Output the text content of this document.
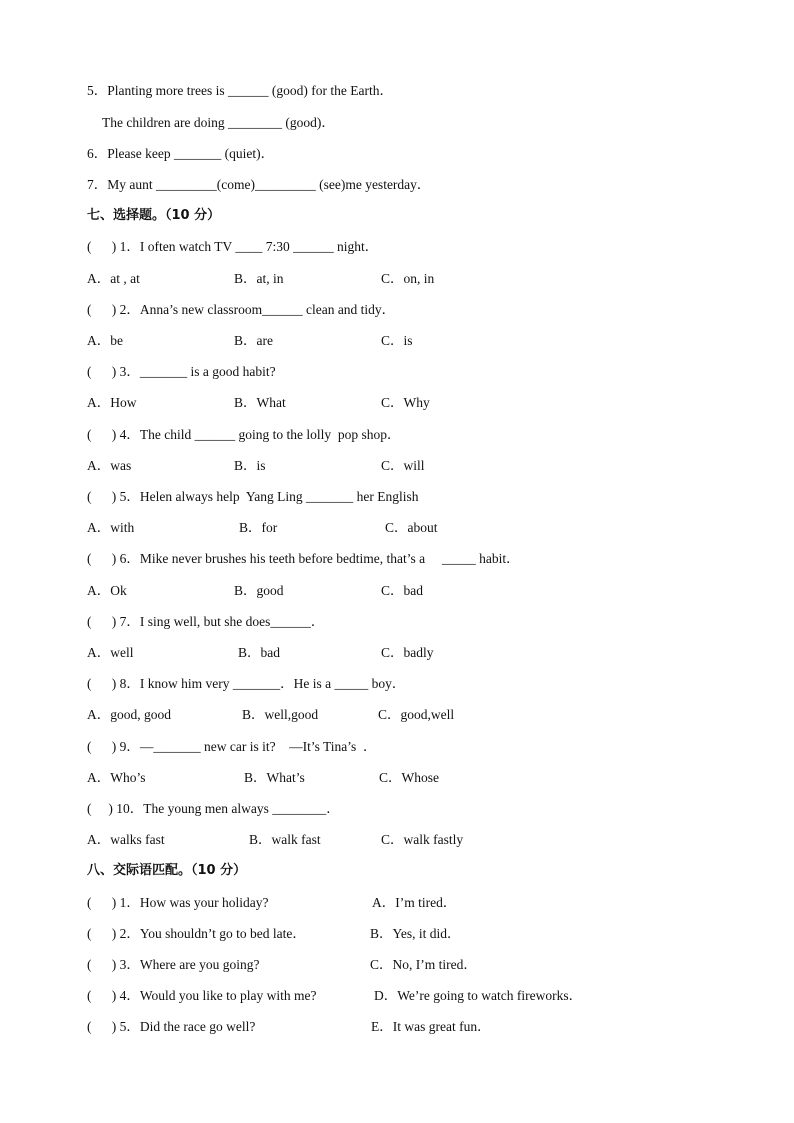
5．Planting more trees is ______ (good) for the Earth．
The children are doing ________ (good)．
6．Please keep _______ (quiet)．
7．My aunt _________(come)_________ (see)me yesterday．
七、选择题。（10 分）
(      ) 1．I often watch TV ____ 7:30 ______ night．
A．at , at	B．at, in	C．on, in
(      ) 2．Anna’s new classroom______ clean and tidy．
A．be	B．are	C．is
(      ) 3．_______ is a good habit?
A．How	B．What	C．Why
(      ) 4．The child ______ going to the lolly  pop shop．
A．was	B．is	C．will
(      ) 5．Helen always help  Yang Ling _______ her English
A．with	B．for	C．about
(      ) 6．Mike never brushes his teeth before bedtime, that’s a     _____ habit．
A．Ok	B．good	C．bad
(      ) 7．I sing well, but she does______．
A．well	B．bad	C．badly
(      ) 8．I know him very _______．He is a _____ boy．
A．good, good	B．well,good	C．good,well
(      ) 9．—_______ new car is it?    —It’s Tina’s  ．
A．Who’s	B．What’s	C．Whose
(     ) 10．The young men always ________．
A．walks fast	B．walk fast	C．walk fastly
八、交际语匹配。（10 分）
(      ) 1．How was your holiday?	A．I’m tired．
(      ) 2．You shouldn’t go to bed late．	B．Yes, it did．
(      ) 3．Where are you going?	C．No, I’m tired．
(      ) 4．Would you like to play with me?	D．We’re going to watch fireworks．
(      ) 5．Did the race go well?	E．It was great fun．
